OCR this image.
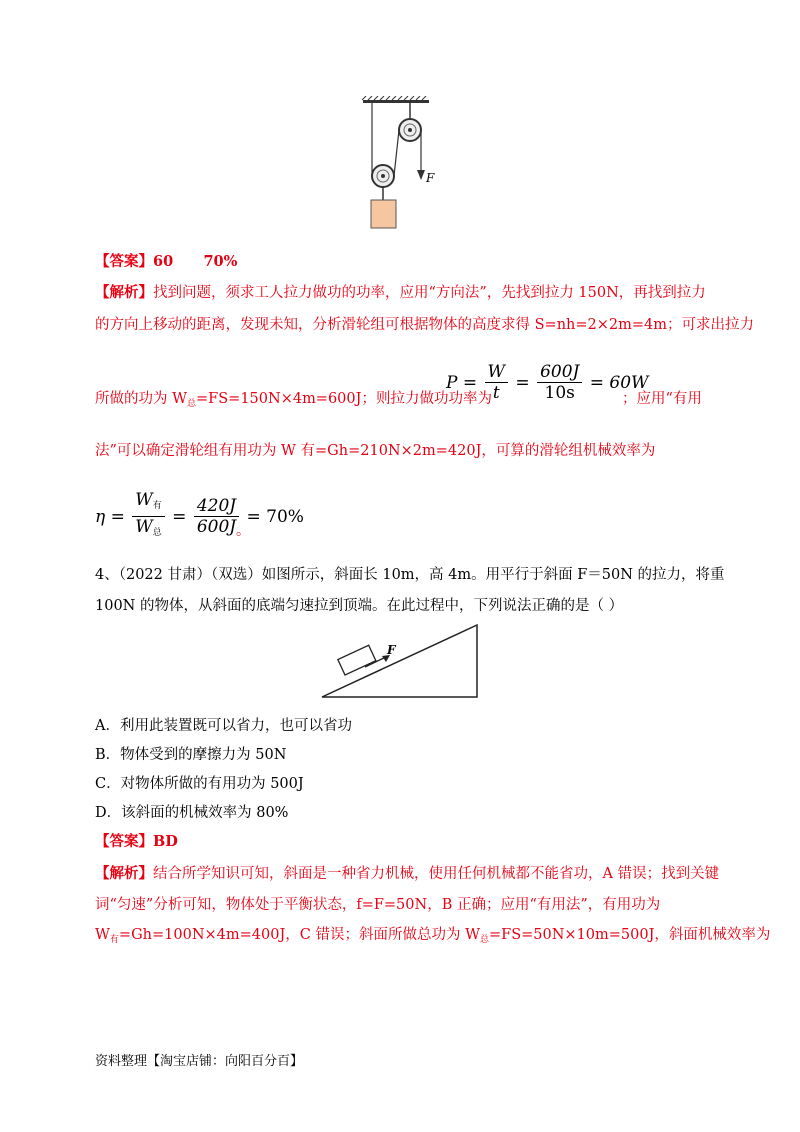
F
【答案】60      70%
【解析】找到问题，须求工人拉力做功的功率，应用“方向法”，先找到拉力 150N，再找到拉力
的方向上移动的距离，发现未知，分析滑轮组可根据物体的高度求得 S=nh=2×2m=4m；可求出拉力
所做的功为 $W_总=FS=150N\times 4m=600J$；则拉力做功功率为
$P = \frac{W}{t} = \frac{600J}{10s} = 60W$
；应用“有用
法”可以确定滑轮组有用功为 W 有=Gh=210N×2m=420J，可算的滑轮组机械效率为
$\eta = \frac{W_有}{W_总} = \frac{420J}{600J} = 70\%$
。
4、（2022 甘肃）（双选）如图所示，斜面长 10m，高 4m。用平行于斜面 F＝50N 的拉力，将重
100N 的物体，从斜面的底端匀速拉到顶端。在此过程中，下列说法正确的是（ ）
F
A．利用此装置既可以省力，也可以省功
B．物体受到的摩擦力为 50N
C．对物体所做的有用功为 500J
D．该斜面的机械效率为 80%
【答案】BD
【解析】结合所学知识可知，斜面是一种省力机械，使用任何机械都不能省功，A 错误；找到关键
词“匀速”分析可知，物体处于平衡状态，f=F=50N，B 正确；应用“有用法”，有用功为
$W_有=Gh=100N\times 4m=400J$，C 错误；斜面所做总功为 $W_总=FS=50N\times 10m=500J$，斜面机械效率为
资料整理【淘宝店铺：向阳百分百】
